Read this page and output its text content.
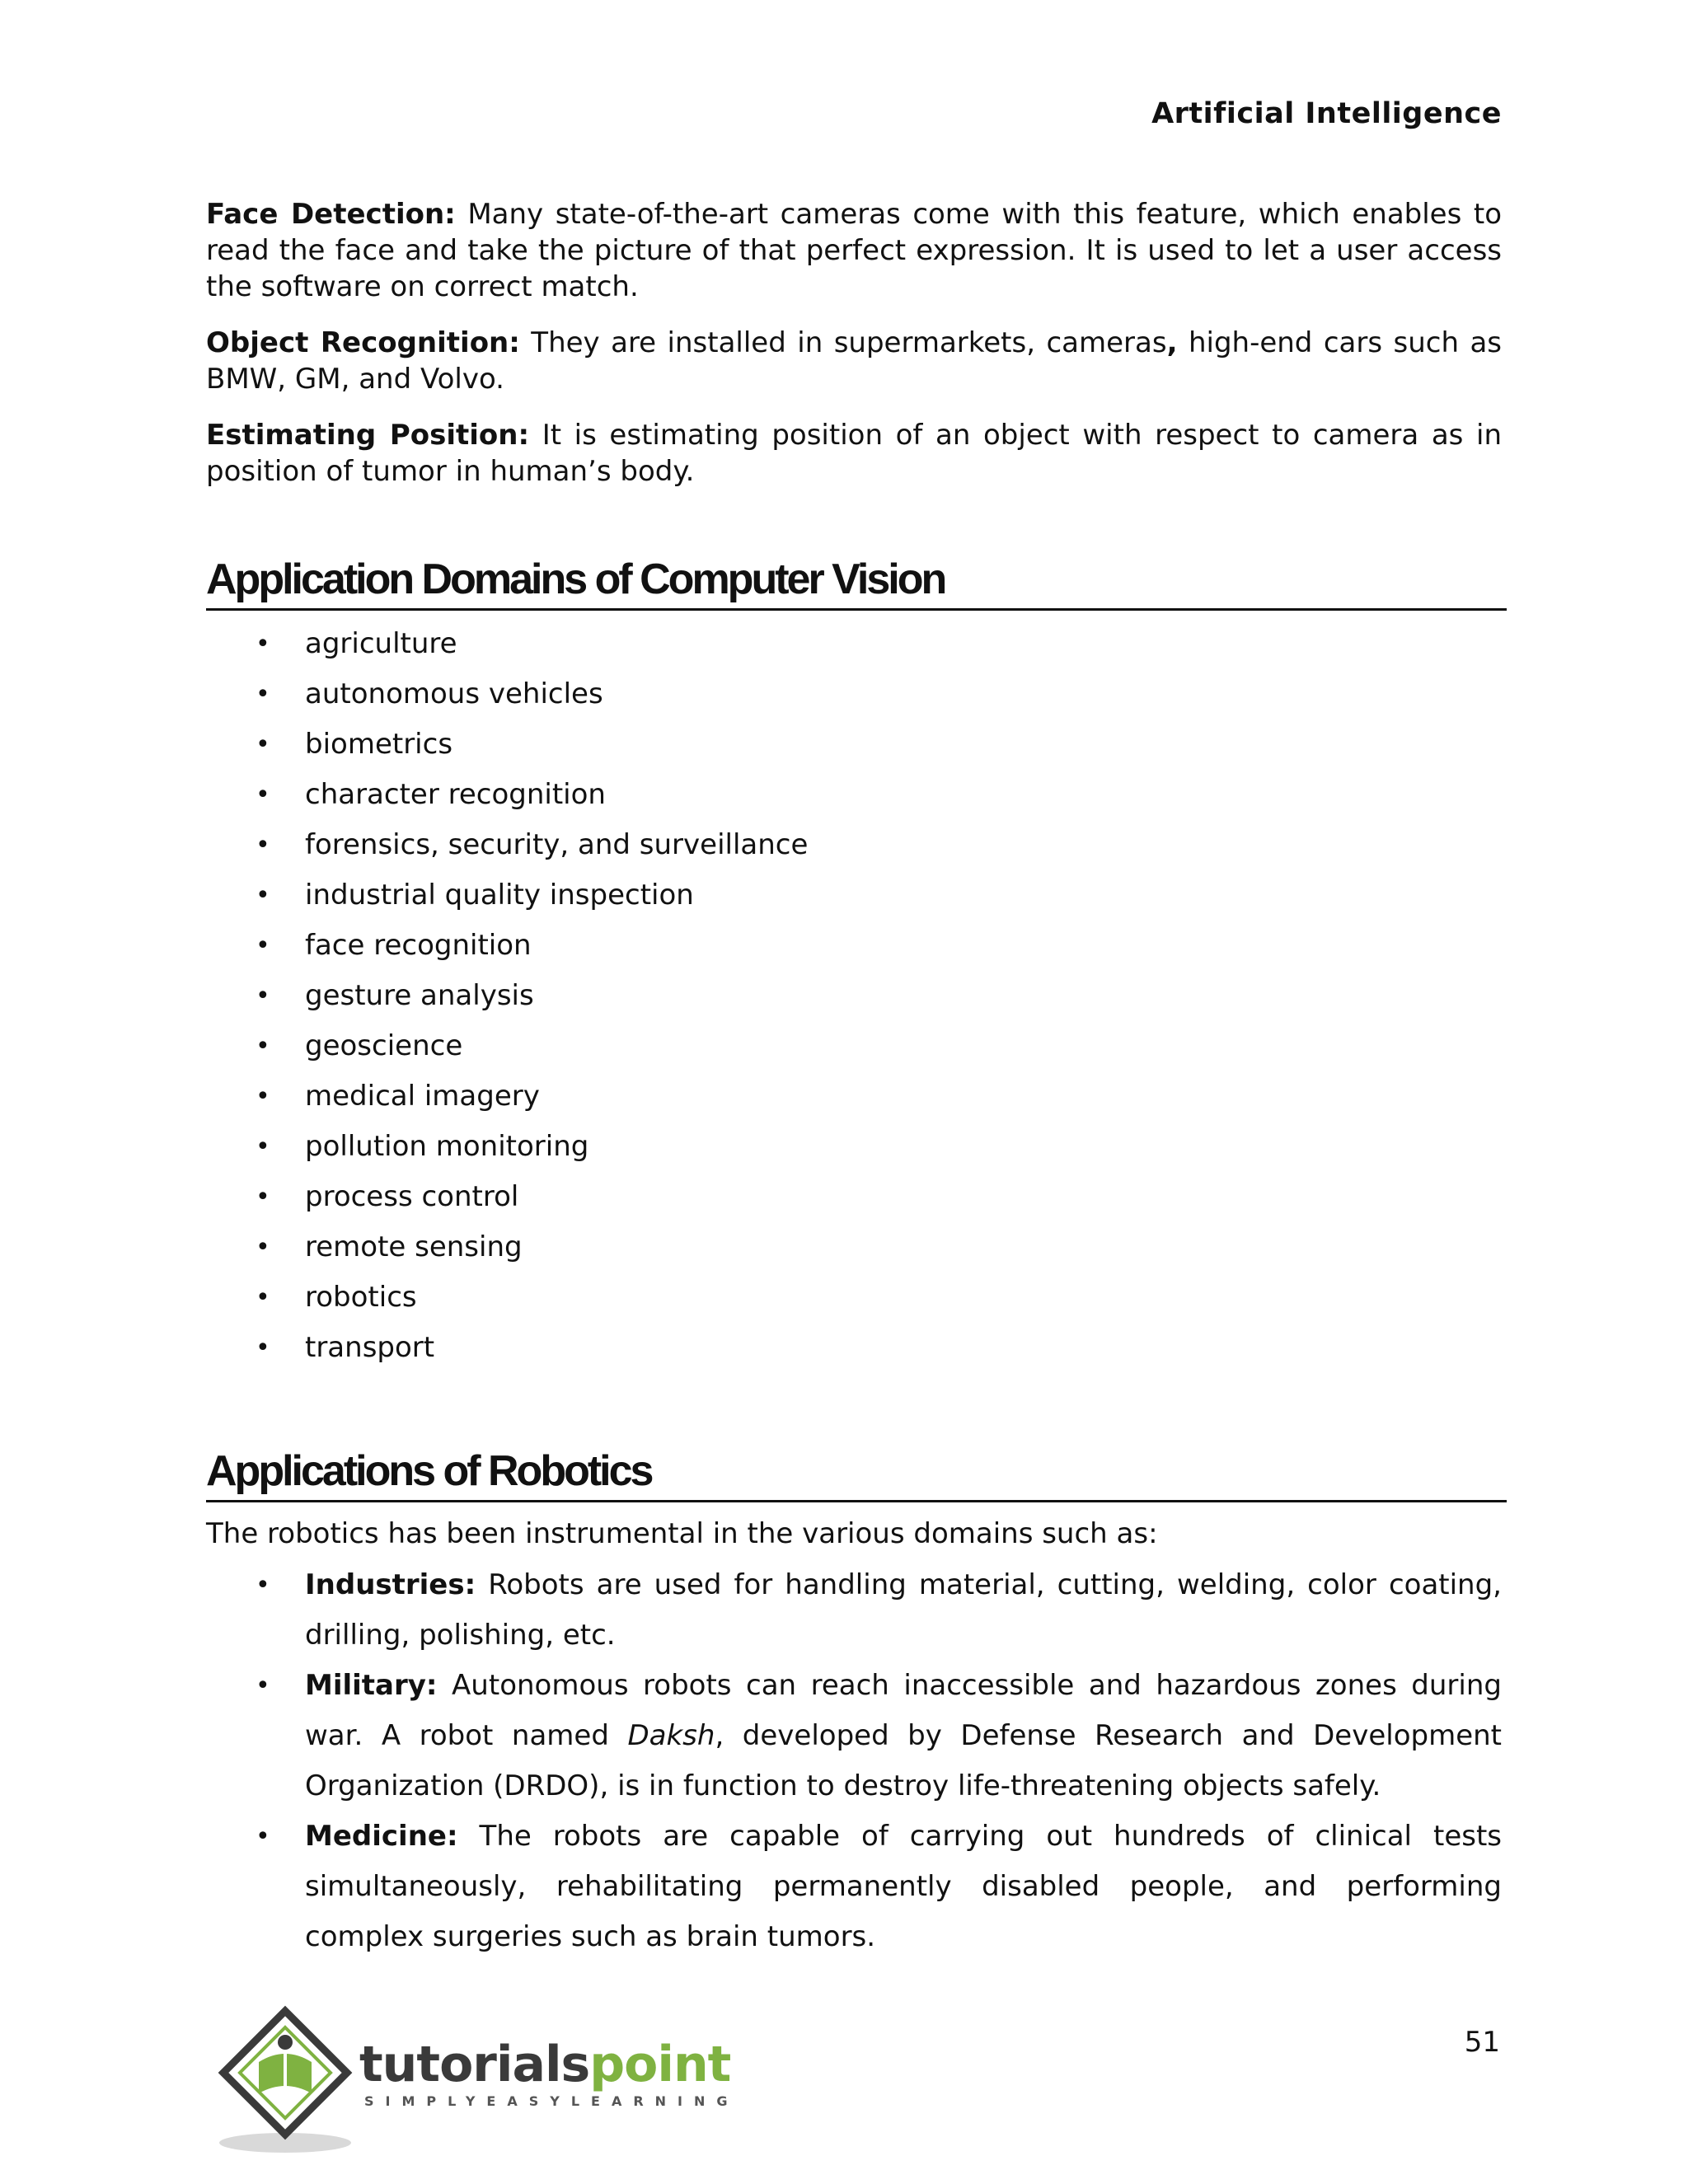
Artificial Intelligence

Face Detection: Many state-of-the-art cameras come with this feature, which enables to read the face and take the picture of that perfect expression. It is used to let a user access the software on correct match.

Object Recognition: They are installed in supermarkets, cameras, high-end cars such as BMW, GM, and Volvo.

Estimating Position: It is estimating position of an object with respect to camera as in position of tumor in human’s body.

Application Domains of Computer Vision
• agriculture
• autonomous vehicles
• biometrics
• character recognition
• forensics, security, and surveillance
• industrial quality inspection
• face recognition
• gesture analysis
• geoscience
• medical imagery
• pollution monitoring
• process control
• remote sensing
• robotics
• transport
Applications of Robotics

The robotics has been instrumental in the various domains such as:

• Industries: Robots are used for handling material, cutting, welding, color coating, drilling, polishing, etc.
• Military: Autonomous robots can reach inaccessible and hazardous zones during war. A robot named Daksh, developed by Defense Research and Development Organization (DRDO), is in function to destroy life-threatening objects safely.
• Medicine: The robots are capable of carrying out hundreds of clinical tests simultaneously, rehabilitating permanently disabled people, and performing complex surgeries such as brain tumors.
51
tutorialspoint
SIMPLYEASYLEARNING
